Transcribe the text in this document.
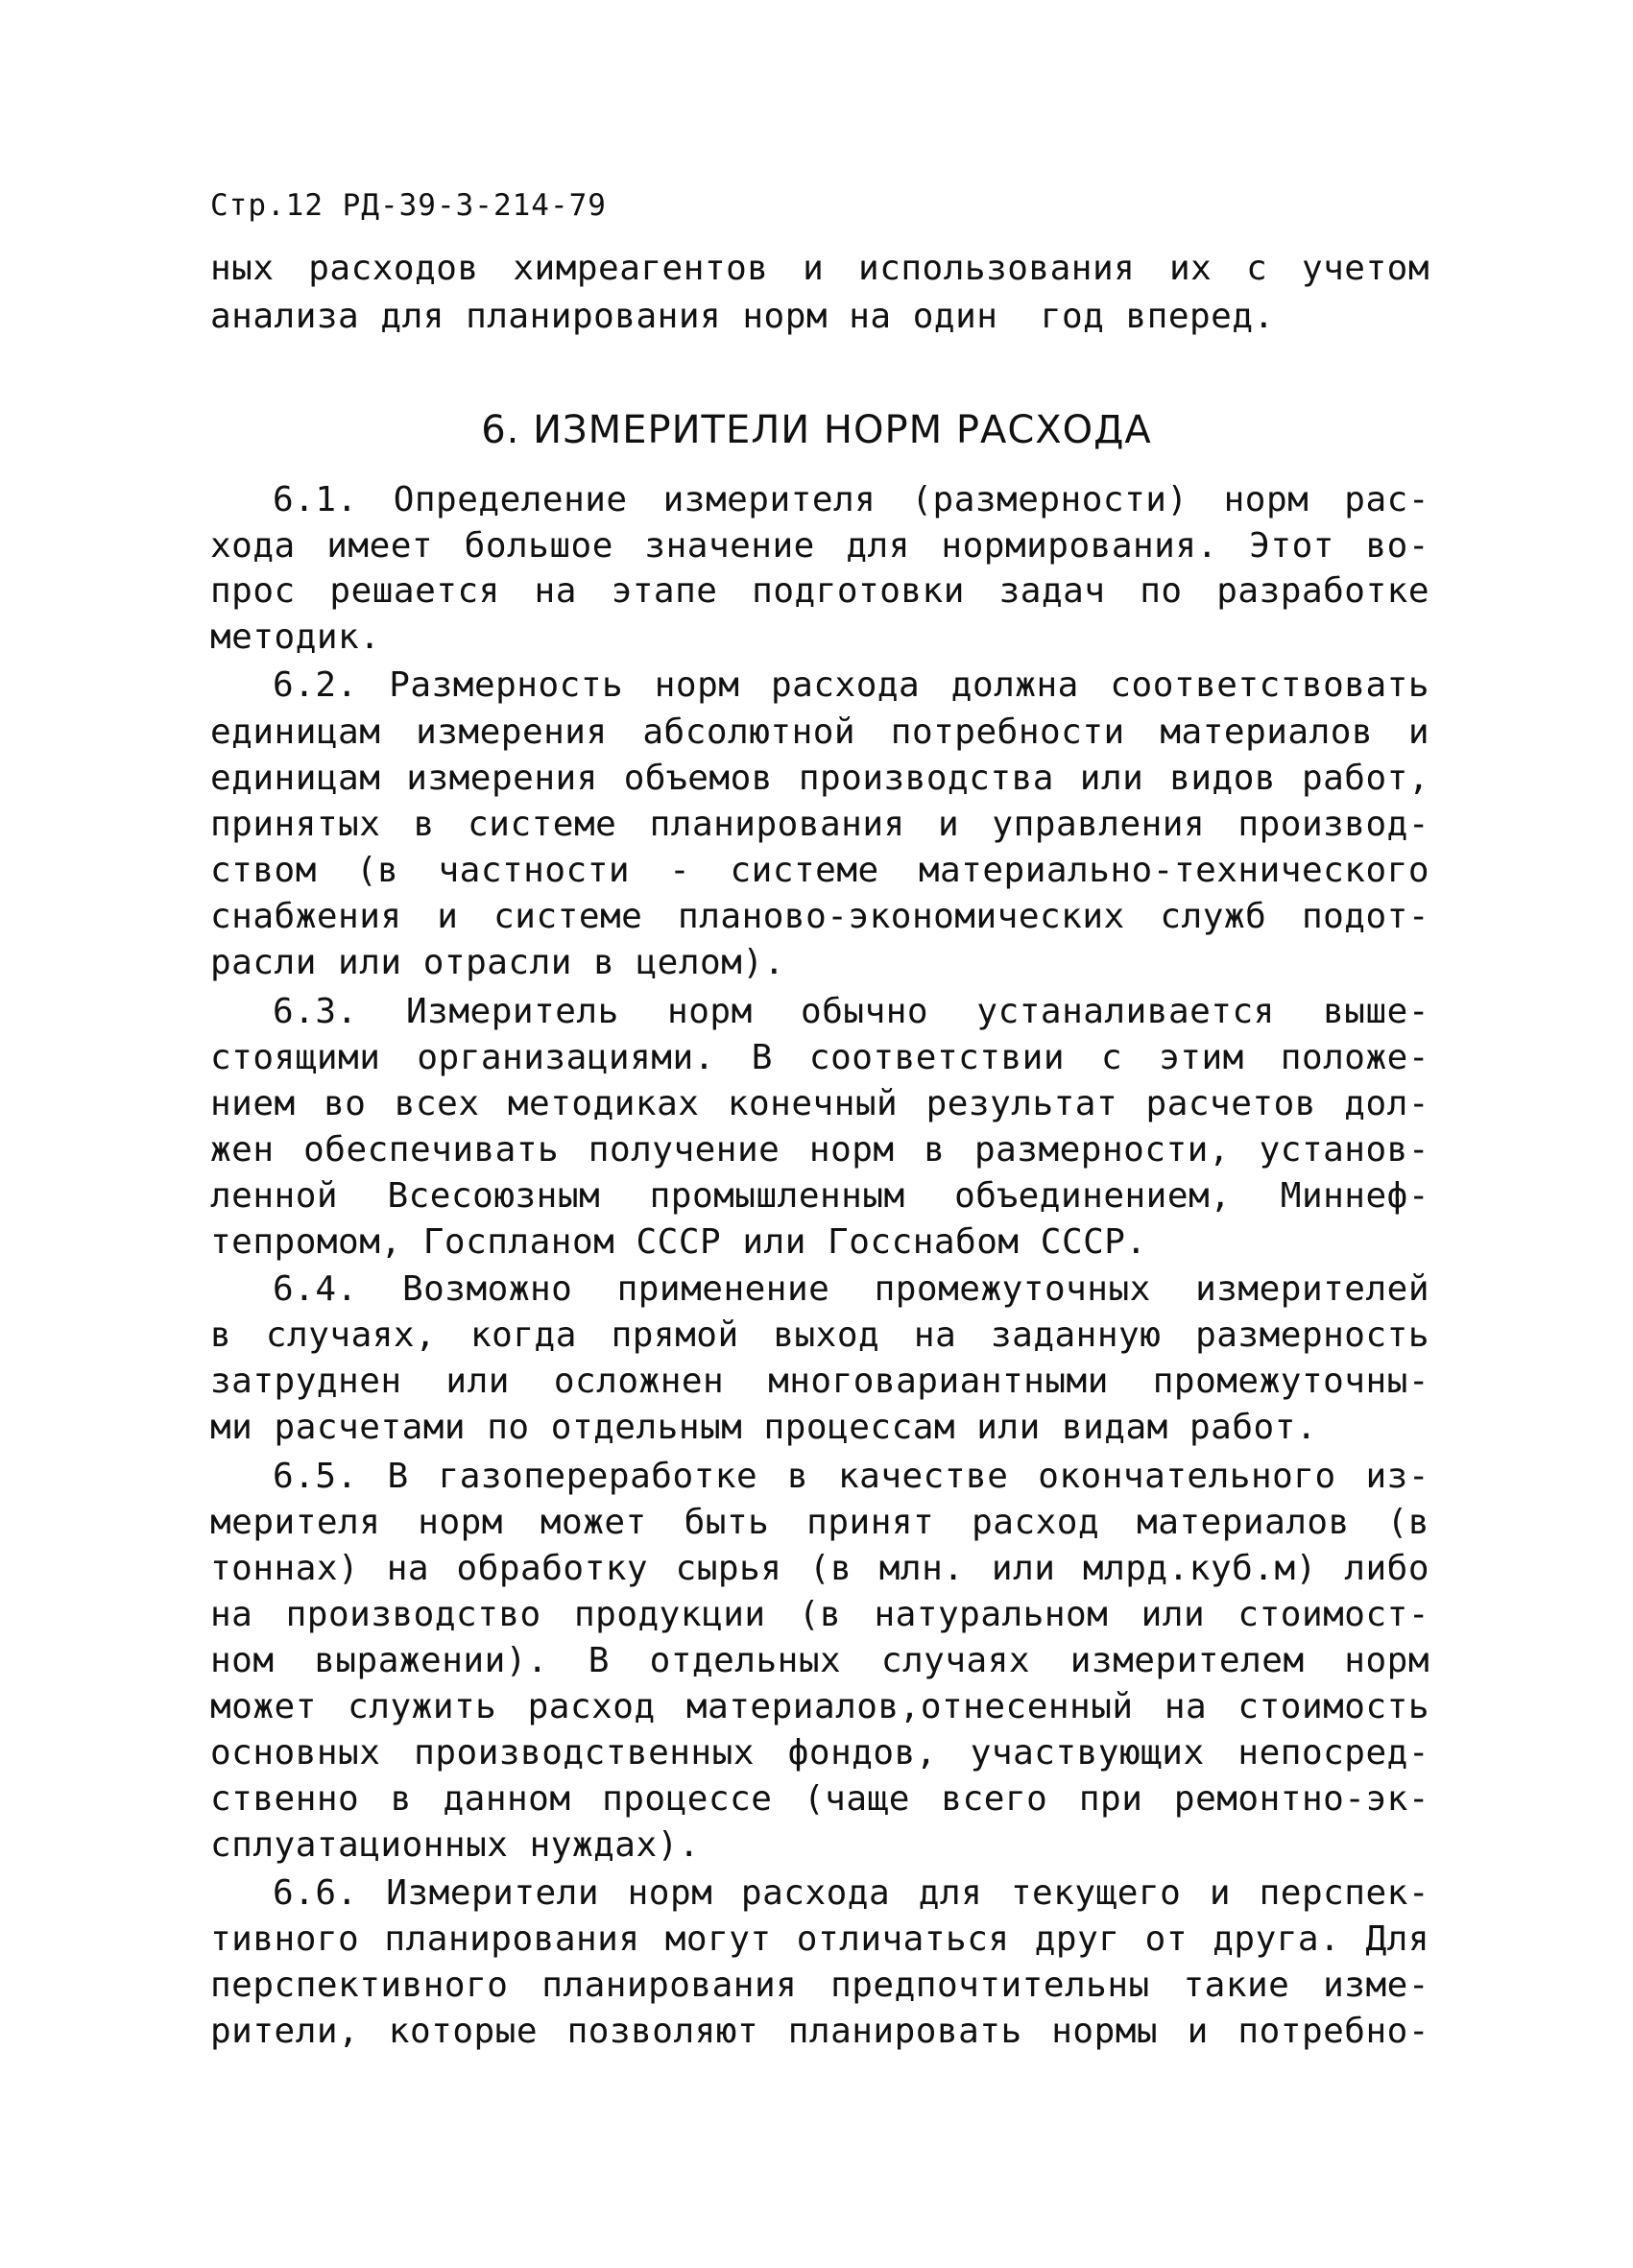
Стр.12 РД-39-3-214-79
ных расходов химреагентов и использования их с учетом
анализа для планирования норм на один  год вперед.
6. ИЗМЕРИТЕЛИ НОРМ РАСХОДА
6.1. Определение измерителя (размерности) норм рас-
хода имеет большое значение для нормирования. Этот во-
прос решается на этапе подготовки задач по разработке
методик.
6.2. Размерность норм расхода должна соответствовать
единицам измерения абсолютной потребности материалов и
единицам измерения объемов производства или видов работ,
принятых в системе планирования и управления производ-
ством (в частности - системе материально-технического
снабжения и системе планово-экономических служб подот-
расли или отрасли в целом).
6.3. Измеритель норм обычно устаналивается выше-
стоящими организациями. В соответствии с этим положе-
нием во всех методиках конечный результат расчетов дол-
жен обеспечивать получение норм в размерности, установ-
ленной Всесоюзным промышленным объединением, Миннеф-
тепромом, Госпланом СССР или Госснабом СССР.
6.4. Возможно применение промежуточных измерителей
в случаях, когда прямой выход на заданную размерность
затруднен или осложнен многовариантными промежуточны-
ми расчетами по отдельным процессам или видам работ.
6.5. В газопереработке в качестве окончательного из-
мерителя норм может быть принят расход материалов (в
тоннах) на обработку сырья (в млн. или млрд.куб.м) либо
на производство продукции (в натуральном или стоимост-
ном выражении). В отдельных случаях измерителем норм
может служить расход материалов,отнесенный на стоимость
основных производственных фондов, участвующих непосред-
ственно в данном процессе (чаще всего при ремонтно-эк-
сплуатационных нуждах).
6.6. Измерители норм расхода для текущего и перспек-
тивного планирования могут отличаться друг от друга. Для
перспективного планирования предпочтительны такие изме-
рители, которые позволяют планировать нормы и потребно-
